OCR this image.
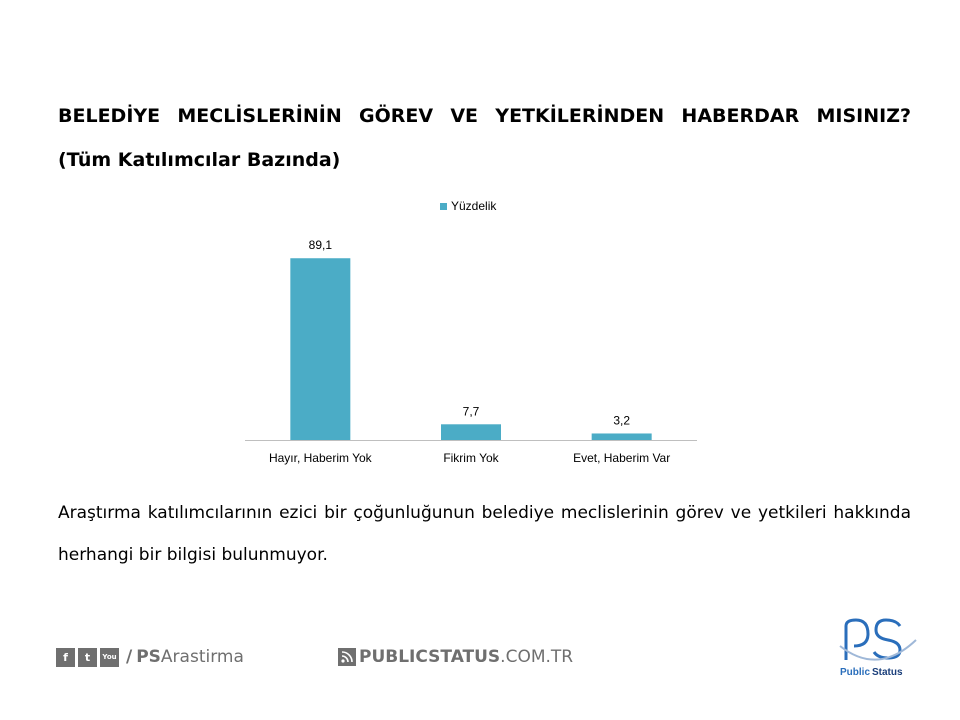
BELEDİYE MECLİSLERİNİN GÖREV VE YETKİLERİNDEN HABERDAR MISINIZ?
(Tüm Katılımcılar Bazında)
Yüzdelik
89,1
7,7
3,2
Hayır, Haberim Yok	Fikrim Yok	Evet, Haberim Var

Araştırma katılımcılarının ezici bir çoğunluğunun belediye meclislerinin görev ve yetkileri hakkında herhangi bir bilgisi bulunmuyor.

f	t	You / PS Arastirma	PUBLICSTATUS .COM.TR
Public Status
